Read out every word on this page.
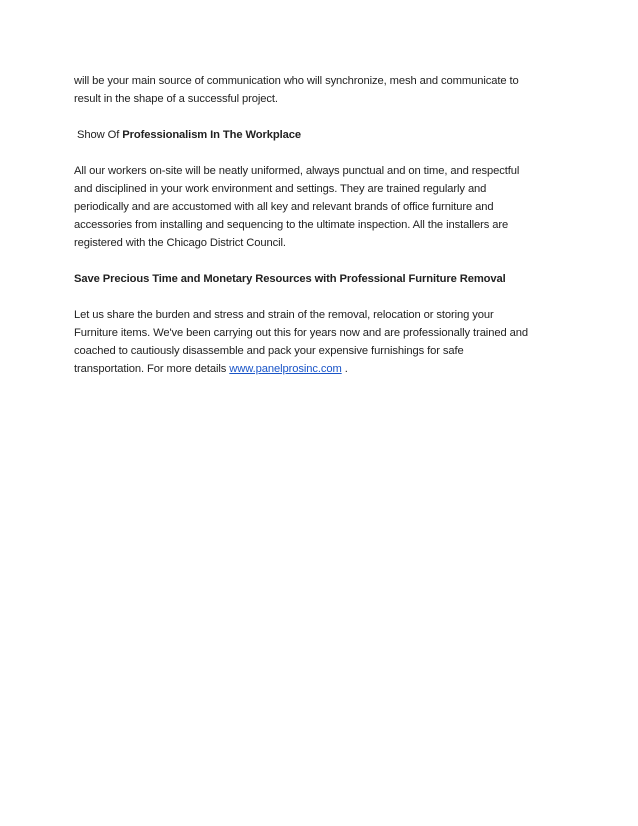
will be your main source of communication who will synchronize, mesh and communicate to
result in the shape of a successful project.

Show Of Professionalism In The Workplace

All our workers on-site will be neatly uniformed, always punctual and on time, and respectful
and disciplined in your work environment and settings. They are trained regularly and
periodically and are accustomed with all key and relevant brands of office furniture and
accessories from installing and sequencing to the ultimate inspection. All the installers are
registered with the Chicago District Council.

Save Precious Time and Monetary Resources with Professional Furniture Removal

Let us share the burden and stress and strain of the removal, relocation or storing your
Furniture items. We've been carrying out this for years now and are professionally trained and
coached to cautiously disassemble and pack your expensive furnishings for safe
transportation. For more details www.panelprosinc.com .
